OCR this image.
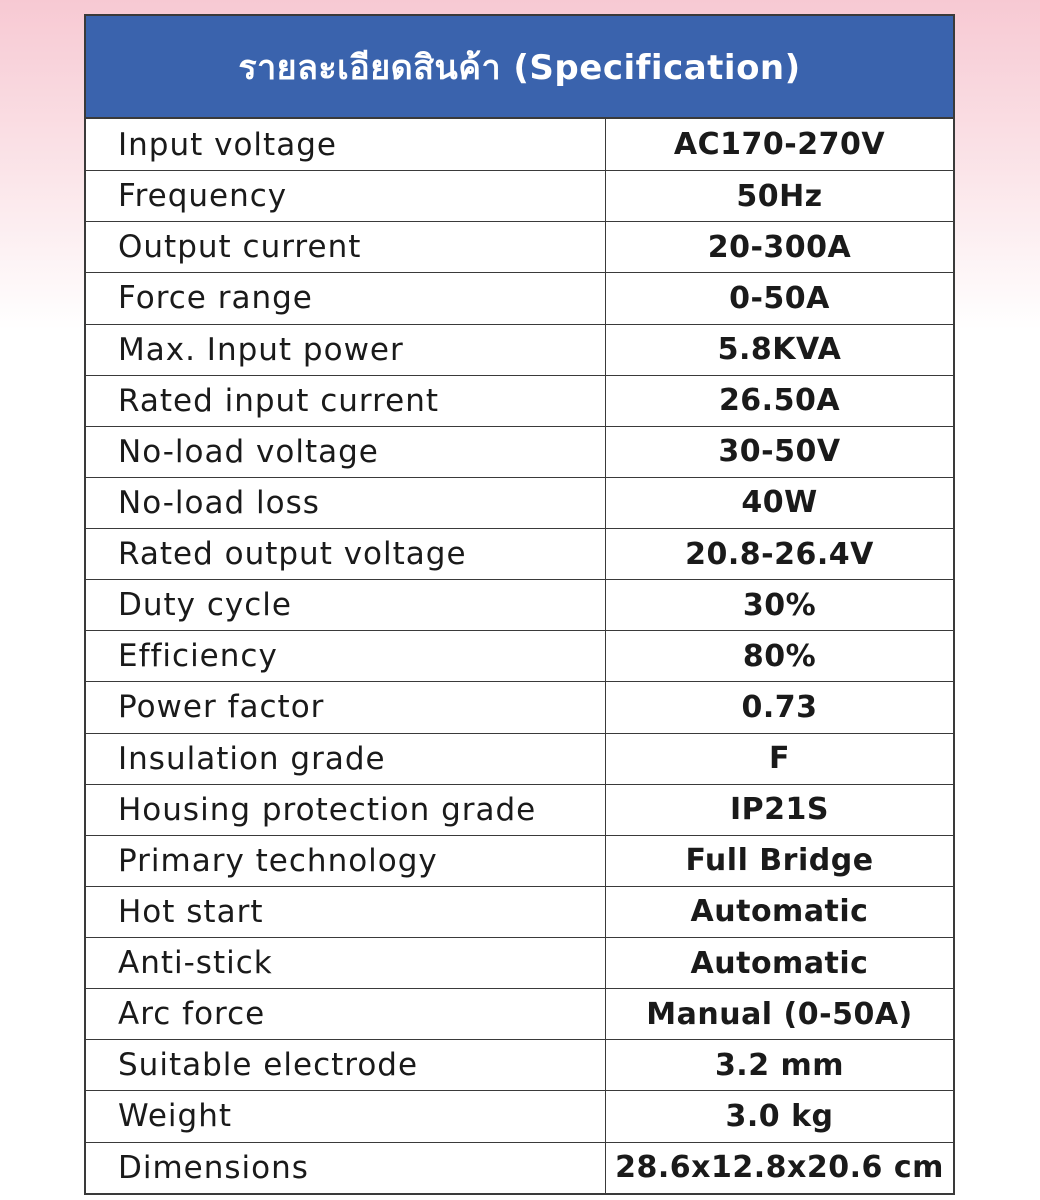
รายละเอียดสินค้า (Specification)
Input voltage	AC170-270V
Frequency	50Hz
Output current	20-300A
Force range	0-50A
Max. Input power	5.8KVA
Rated input current	26.50A
No-load voltage	30-50V
No-load loss	40W
Rated output voltage	20.8-26.4V
Duty cycle	30%
Efficiency	80%
Power factor	0.73
Insulation grade	F
Housing protection grade	IP21S
Primary technology	Full Bridge
Hot start	Automatic
Anti-stick	Automatic
Arc force	Manual (0-50A)
Suitable electrode	3.2 mm
Weight	3.0 kg
Dimensions	28.6x12.8x20.6 cm
